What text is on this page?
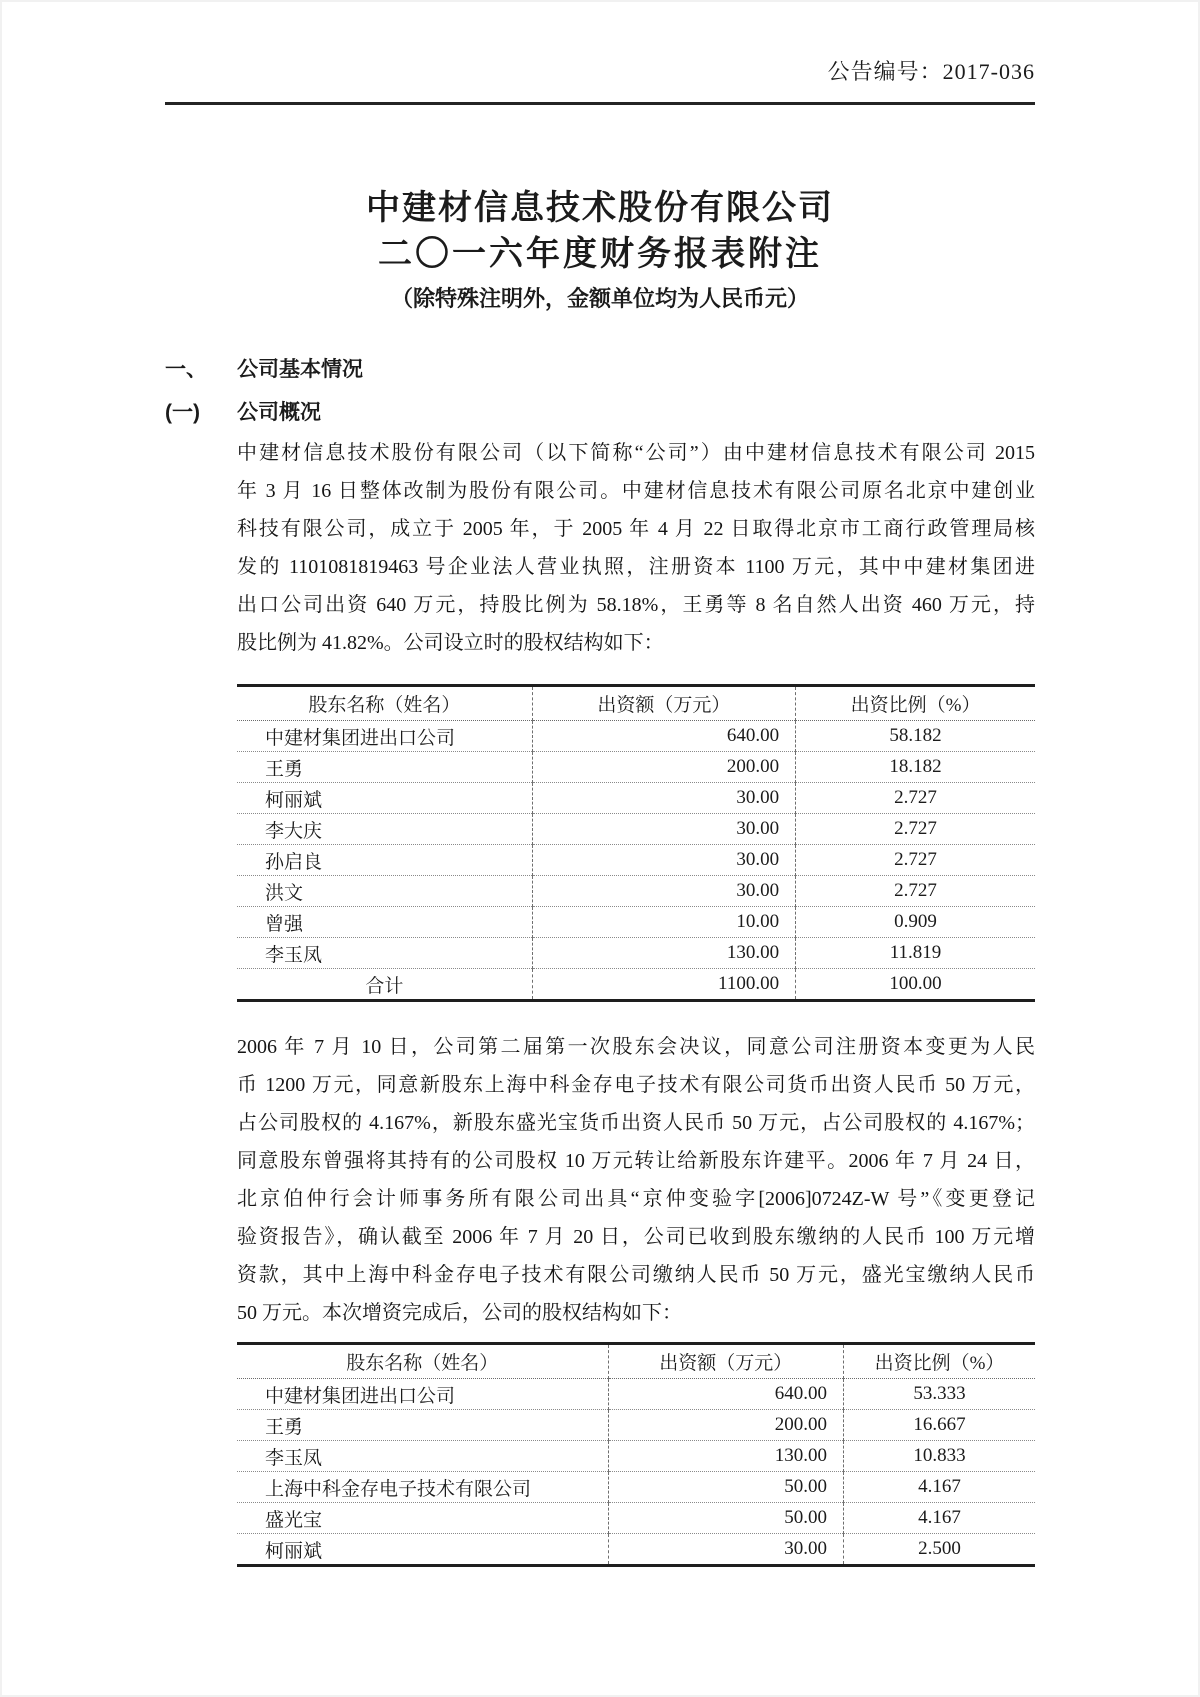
公告编号：2017-036
中建材信息技术股份有限公司
二〇一六年度财务报表附注
（除特殊注明外，金额单位均为人民币元）
一、	公司基本情况
(一)	公司概况
中建材信息技术股份有限公司（以下简称“公司”）由中建材信息技术有限公司 2015
年 3 月 16 日整体改制为股份有限公司。中建材信息技术有限公司原名北京中建创业
科技有限公司，成立于 2005 年，于 2005 年 4 月 22 日取得北京市工商行政管理局核
发的 1101081819463 号企业法人营业执照，注册资本 1100 万元，其中中建材集团进
出口公司出资 640 万元，持股比例为 58.18%，王勇等 8 名自然人出资 460 万元，持
股比例为 41.82%。公司设立时的股权结构如下：
股东名称（姓名）	出资额（万元）	出资比例（%）
中建材集团进出口公司	640.00	58.182
王勇	200.00	18.182
柯丽斌	30.00	2.727
李大庆	30.00	2.727
孙启良	30.00	2.727
洪文	30.00	2.727
曾强	10.00	0.909
李玉凤	130.00	11.819
合计	1100.00	100.00
2006 年 7 月 10 日，公司第二届第一次股东会决议，同意公司注册资本变更为人民
币 1200 万元，同意新股东上海中科金存电子技术有限公司货币出资人民币 50 万元，
占公司股权的 4.167%，新股东盛光宝货币出资人民币 50 万元，占公司股权的 4.167%；
同意股东曾强将其持有的公司股权 10 万元转让给新股东许建平。2006 年 7 月 24 日，
北京伯仲行会计师事务所有限公司出具“京仲变验字[2006]0724Z-W 号”《变更登记
验资报告》，确认截至 2006 年 7 月 20 日，公司已收到股东缴纳的人民币 100 万元增
资款，其中上海中科金存电子技术有限公司缴纳人民币 50 万元，盛光宝缴纳人民币
50 万元。本次增资完成后，公司的股权结构如下：
股东名称（姓名）	出资额（万元）	出资比例（%）
中建材集团进出口公司	640.00	53.333
王勇	200.00	16.667
李玉凤	130.00	10.833
上海中科金存电子技术有限公司	50.00	4.167
盛光宝	50.00	4.167
柯丽斌	30.00	2.500
